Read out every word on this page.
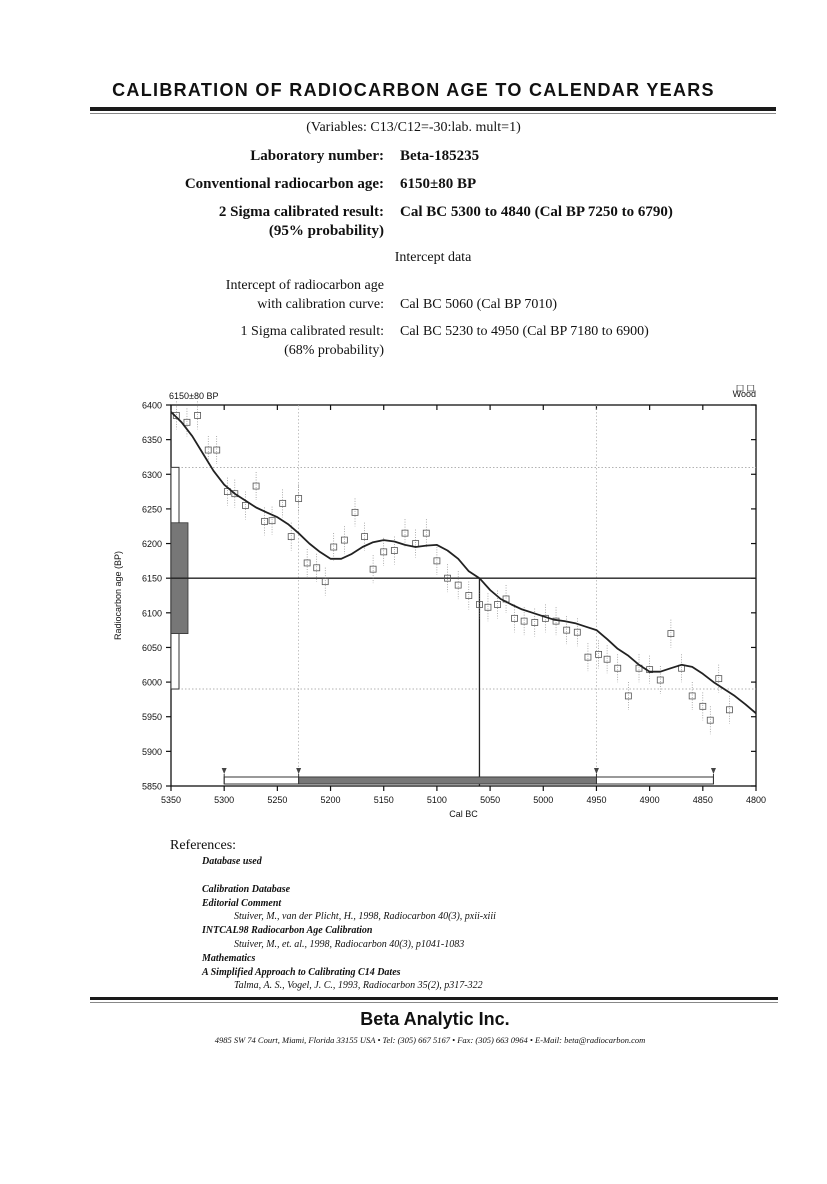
CALIBRATION OF RADIOCARBON AGE TO CALENDAR YEARS
(Variables: C13/C12=-30:lab. mult=1)
Laboratory number: Beta-185235
Conventional radiocarbon age: 6150±80 BP
2 Sigma calibrated result:
(95% probability)
Cal BC 5300 to 4840 (Cal BP 7250 to 6790)
Intercept data
Intercept of radiocarbon age
with calibration curve: Cal BC 5060 (Cal BP 7010)
1 Sigma calibrated result:
(68% probability)
Cal BC 5230 to 4950 (Cal BP 7180 to 6900)
5350	5300	5250	5200	5150	5100	5050	5000	4950	4900	4850	4800
6400
6350
6300
6250
6200
6150
6100
6050
6000
5950
5900
5850
Cal BC
Radiocarbon age (BP)
6150±80 BP	Wood
References:
Database used
Calibration Database
Editorial Comment
Stuiver, M., van der Plicht, H., 1998, Radiocarbon 40(3), pxii-xiii
INTCAL98 Radiocarbon Age Calibration
Stuiver, M., et. al., 1998, Radiocarbon 40(3), p1041-1083
Mathematics
A Simplified Approach to Calibrating C14 Dates
Talma, A. S., Vogel, J. C., 1993, Radiocarbon 35(2), p317-322
Beta Analytic Inc.
4985 SW 74 Court, Miami, Florida 33155 USA • Tel: (305) 667 5167 • Fax: (305) 663 0964 • E-Mail: beta@radiocarbon.com
